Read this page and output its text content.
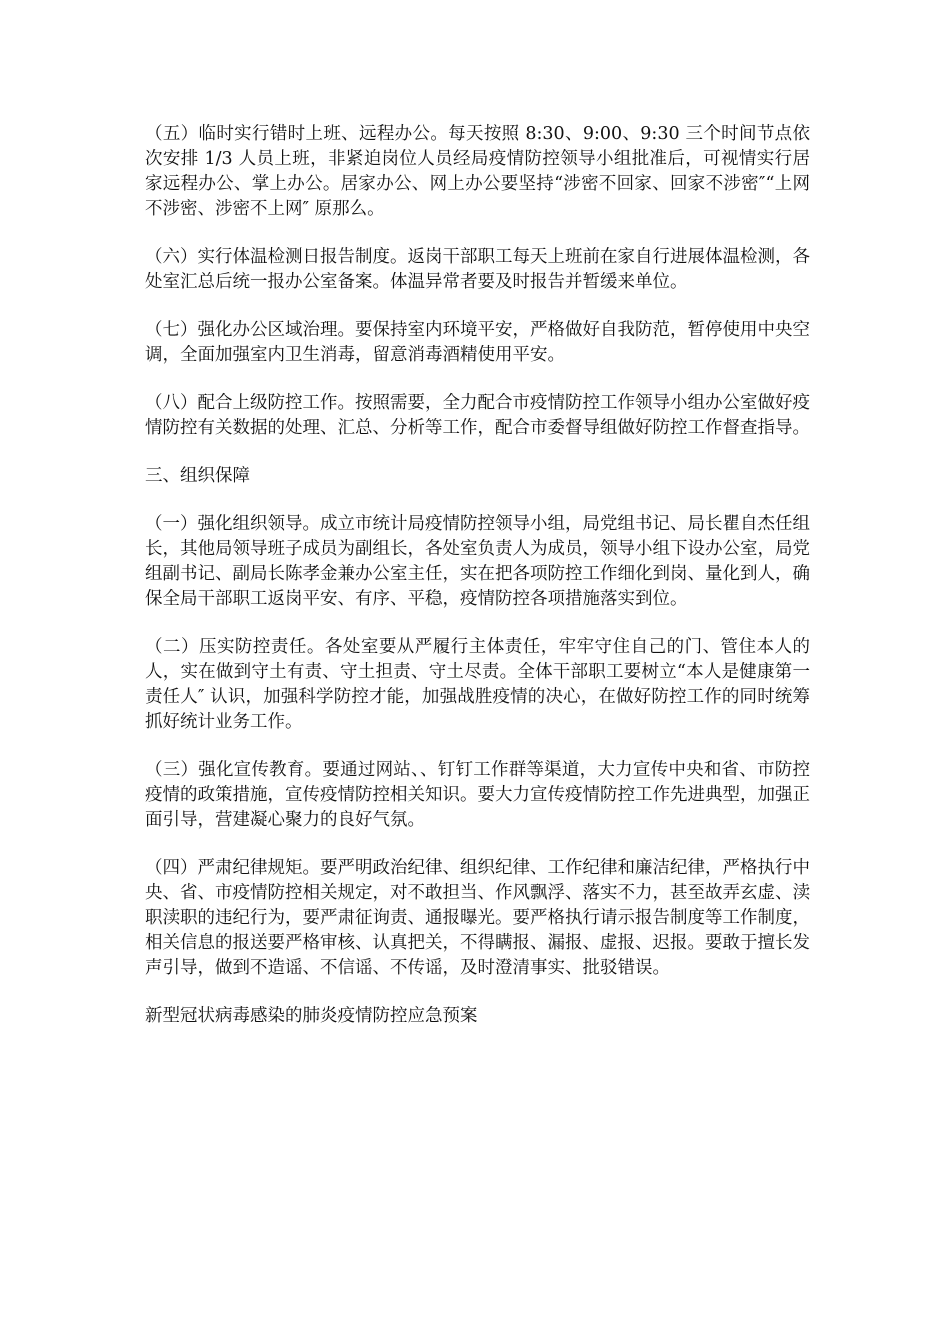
（五）临时实行错时上班、远程办公。每天按照 8:30、9:00、9:30 三个时间节点依次安排 1/3 人员上班，非紧迫岗位人员经局疫情防控领导小组批准后，可视情实行居家远程办公、掌上办公。居家办公、网上办公要坚持“涉密不回家、回家不涉密″“上网不涉密、涉密不上网″ 原那么。

（六）实行体温检测日报告制度。返岗干部职工每天上班前在家自行进展体温检测，各处室汇总后统一报办公室备案。体温异常者要及时报告并暂缓来单位。

（七）强化办公区域治理。要保持室内环境平安，严格做好自我防范，暂停使用中央空调，全面加强室内卫生消毒，留意消毒酒精使用平安。

（八）配合上级防控工作。按照需要，全力配合市疫情防控工作领导小组办公室做好疫情防控有关数据的处理、汇总、分析等工作，配合市委督导组做好防控工作督查指导。

三、组织保障

（一）强化组织领导。成立市统计局疫情防控领导小组，局党组书记、局长瞿自杰任组长，其他局领导班子成员为副组长，各处室负责人为成员，领导小组下设办公室，局党组副书记、副局长陈孝金兼办公室主任，实在把各项防控工作细化到岗、量化到人，确保全局干部职工返岗平安、有序、平稳，疫情防控各项措施落实到位。

（二）压实防控责任。各处室要从严履行主体责任，牢牢守住自己的门、管住本人的人，实在做到守土有责、守土担责、守土尽责。全体干部职工要树立“本人是健康第一责任人″ 认识，加强科学防控才能，加强战胜疫情的决心，在做好防控工作的同时统筹抓好统计业务工作。

（三）强化宣传教育。要通过网站、、钉钉工作群等渠道，大力宣传中央和省、市防控疫情的政策措施，宣传疫情防控相关知识。要大力宣传疫情防控工作先进典型，加强正面引导，营建凝心聚力的良好气氛。

（四）严肃纪律规矩。要严明政治纪律、组织纪律、工作纪律和廉洁纪律，严格执行中央、省、市疫情防控相关规定，对不敢担当、作风飘浮、落实不力，甚至故弄玄虚、渎职渎职的违纪行为，要严肃征询责、通报曝光。要严格执行请示报告制度等工作制度，相关信息的报送要严格审核、认真把关，不得瞒报、漏报、虚报、迟报。要敢于擅长发声引导，做到不造谣、不信谣、不传谣，及时澄清事实、批驳错误。

新型冠状病毒感染的肺炎疫情防控应急预案
